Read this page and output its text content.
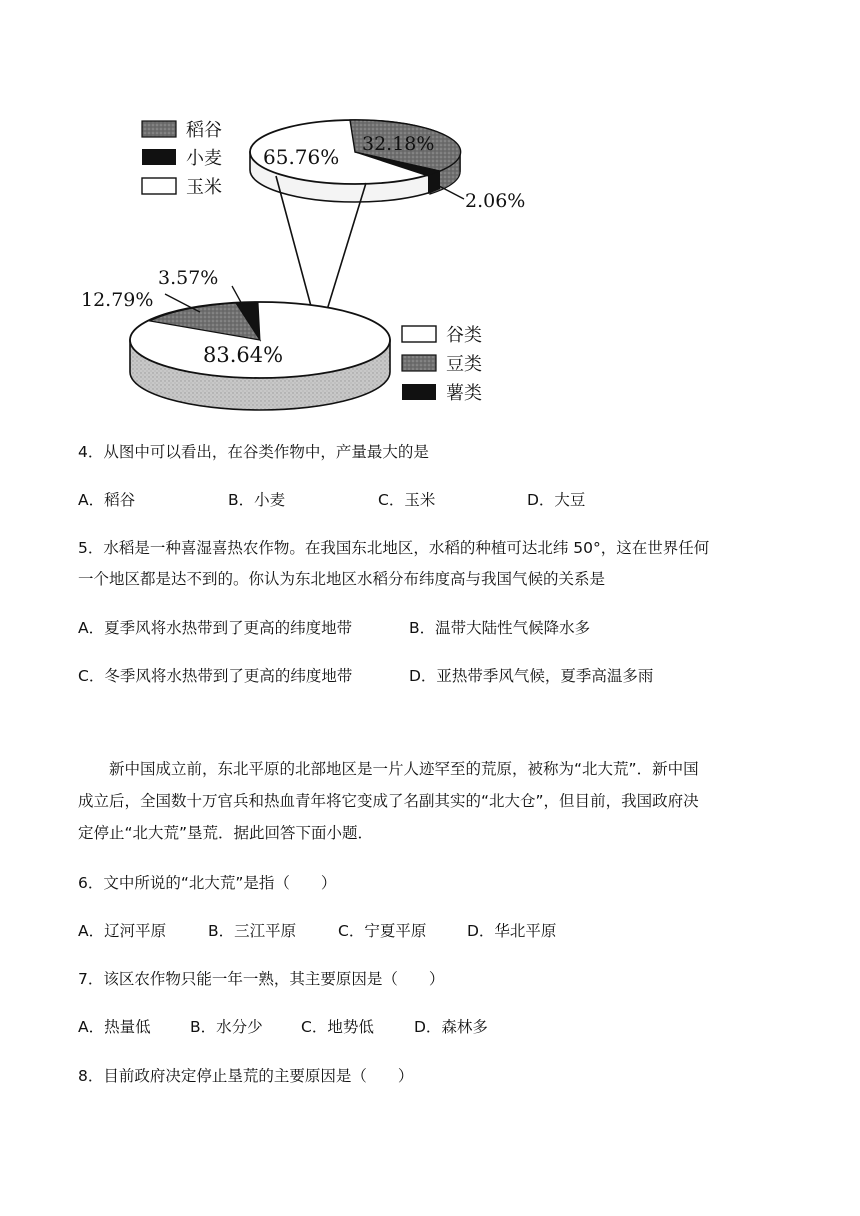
32.18%
65.76%
2.06%
83.64%
12.79%
3.57%
稻谷
小麦
玉米
谷类
豆类
薯类
4．从图中可以看出，在谷类作物中，产量最大的是
A．稻谷	B．小麦	C．玉米	D．大豆
5．水稻是一种喜湿喜热农作物。在我国东北地区，水稻的种植可达北纬 50°，这在世界任何
一个地区都是达不到的。你认为东北地区水稻分布纬度高与我国气候的关系是
A．夏季风将水热带到了更高的纬度地带	B．温带大陆性气候降水多
C．冬季风将水热带到了更高的纬度地带	D．亚热带季风气候，夏季高温多雨
新中国成立前，东北平原的北部地区是一片人迹罕至的荒原，被称为“北大荒”．新中国
成立后，全国数十万官兵和热血青年将它变成了名副其实的“北大仓”，但目前，我国政府决
定停止“北大荒”垦荒．据此回答下面小题．
6．文中所说的“北大荒”是指（　　）
A．辽河平原	B．三江平原	C．宁夏平原	D．华北平原
7．该区农作物只能一年一熟，其主要原因是（　　）
A．热量低	B．水分少 C．地势低	D．森林多
8．目前政府决定停止垦荒的主要原因是（　　）
